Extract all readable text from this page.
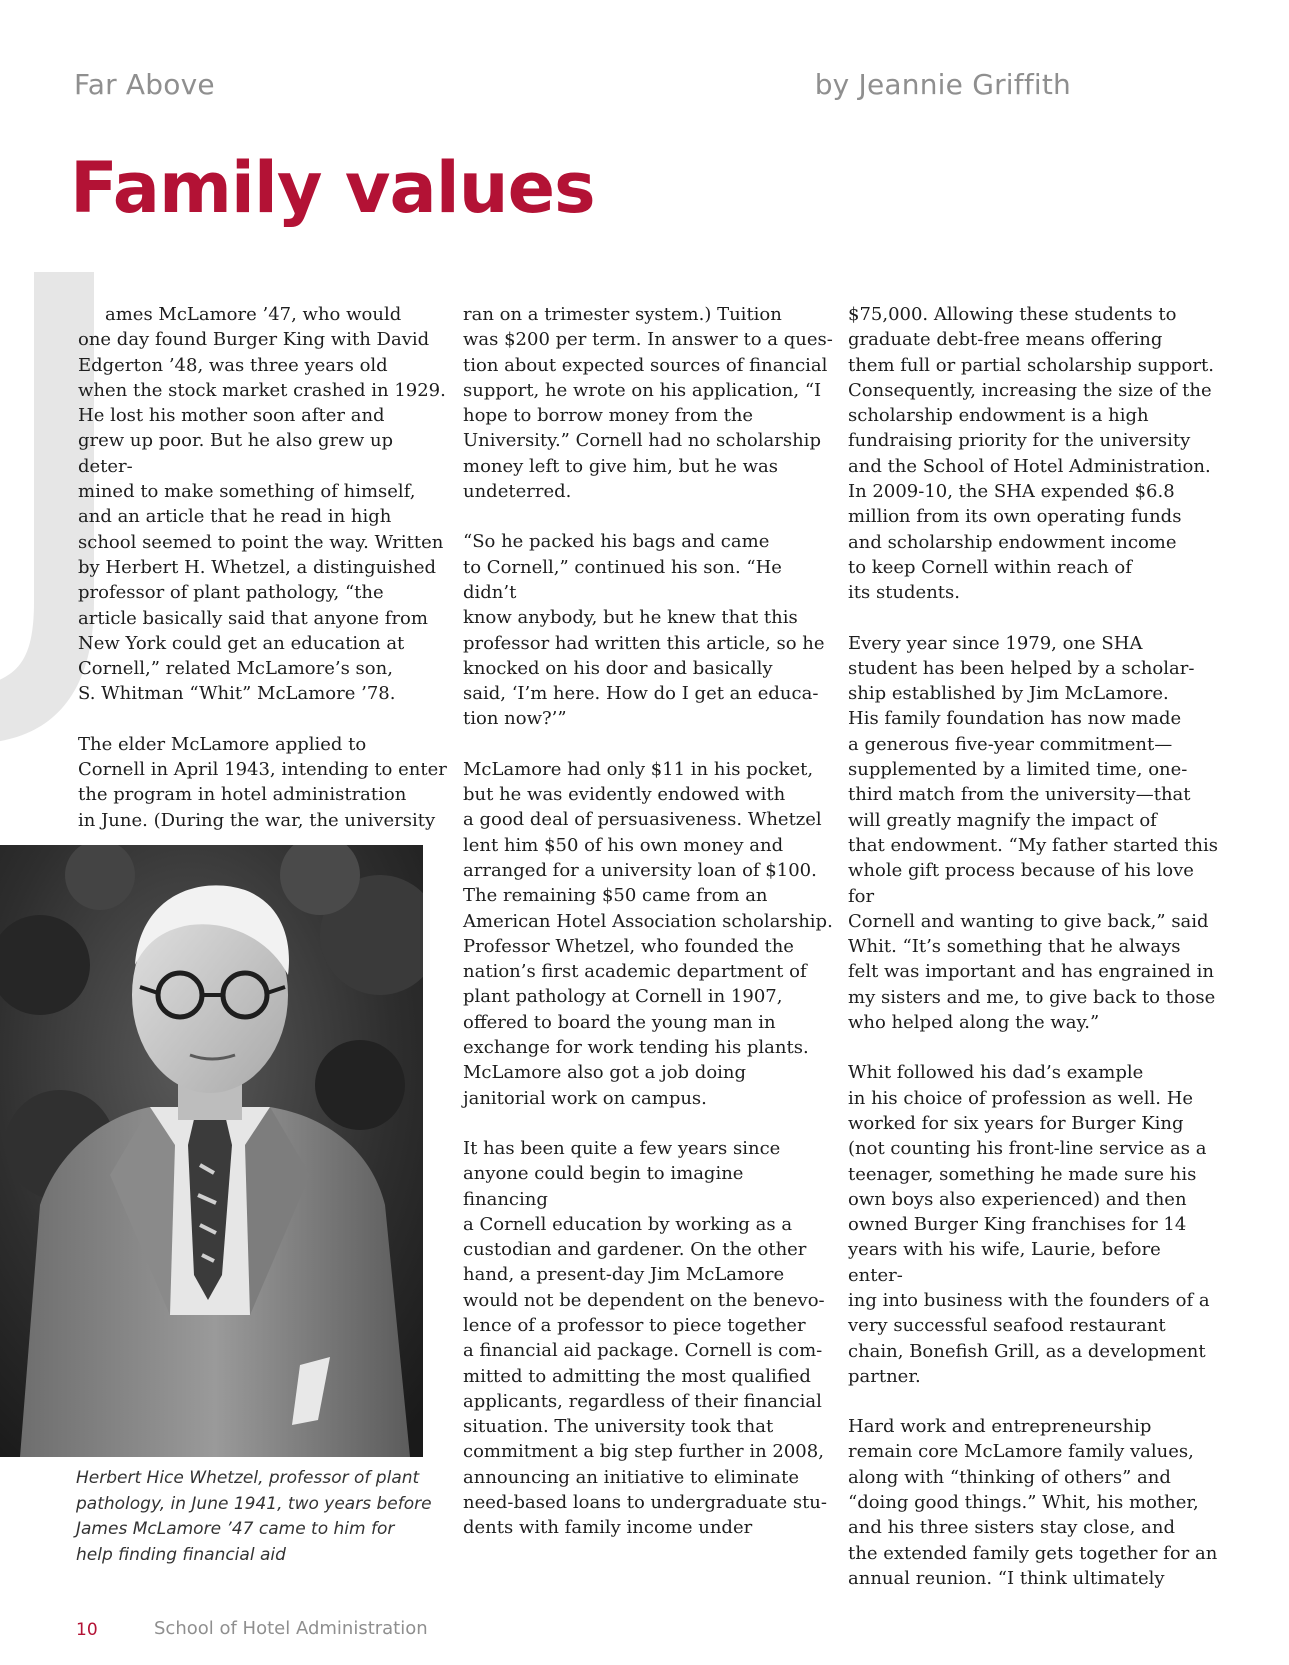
Far Above	by Jeannie Griffith
Family values

ames McLamore ’47, who would
one day found Burger King with David
Edgerton ’48, was three years old
when the stock market crashed in 1929.
He lost his mother soon after and
grew up poor. But he also grew up deter-
mined to make something of himself,
and an article that he read in high
school seemed to point the way. Written
by Herbert H. Whetzel, a distinguished
professor of plant pathology, “the
article basically said that anyone from
New York could get an education at
Cornell,” related McLamore’s son,
S. Whitman “Whit” McLamore ’78.

The elder McLamore applied to
Cornell in April 1943, intending to enter
the program in hotel administration
in June. (During the war, the university

ran on a trimester system.) Tuition
was $200 per term. In answer to a ques-
tion about expected sources of financial
support, he wrote on his application, “I
hope to borrow money from the
University.” Cornell had no scholarship
money left to give him, but he was
undeterred.

“So he packed his bags and came
to Cornell,” continued his son. “He didn’t
know anybody, but he knew that this
professor had written this article, so he
knocked on his door and basically
said, ‘I’m here. How do I get an educa-
tion now?’”

McLamore had only $11 in his pocket,
but he was evidently endowed with
a good deal of persuasiveness. Whetzel
lent him $50 of his own money and
arranged for a university loan of $100.
The remaining $50 came from an
American Hotel Association scholarship.
Professor Whetzel, who founded the
nation’s first academic department of
plant pathology at Cornell in 1907,
offered to board the young man in
exchange for work tending his plants.
McLamore also got a job doing
janitorial work on campus.

It has been quite a few years since
anyone could begin to imagine financing
a Cornell education by working as a
custodian and gardener. On the other
hand, a present-day Jim McLamore
would not be dependent on the benevo-
lence of a professor to piece together
a financial aid package. Cornell is com-
mitted to admitting the most qualified
applicants, regardless of their financial
situation. The university took that
commitment a big step further in 2008,
announcing an initiative to eliminate
need-based loans to undergraduate stu-
dents with family income under

$75,000. Allowing these students to
graduate debt-free means offering
them full or partial scholarship support.
Consequently, increasing the size of the
scholarship endowment is a high
fundraising priority for the university
and the School of Hotel Administration.
In 2009-10, the SHA expended $6.8
million from its own operating funds
and scholarship endowment income
to keep Cornell within reach of
its students.

Every year since 1979, one SHA
student has been helped by a scholar-
ship established by Jim McLamore.
His family foundation has now made
a generous five-year commitment—
supplemented by a limited time, one-
third match from the university—that
will greatly magnify the impact of
that endowment. “My father started this
whole gift process because of his love for
Cornell and wanting to give back,” said
Whit. “It’s something that he always
felt was important and has engrained in
my sisters and me, to give back to those
who helped along the way.”

Whit followed his dad’s example
in his choice of profession as well. He
worked for six years for Burger King
(not counting his front-line service as a
teenager, something he made sure his
own boys also experienced) and then
owned Burger King franchises for 14
years with his wife, Laurie, before enter-
ing into business with the founders of a
very successful seafood restaurant
chain, Bonefish Grill, as a development
partner.

Hard work and entrepreneurship
remain core McLamore family values,
along with “thinking of others” and
“doing good things.” Whit, his mother,
and his three sisters stay close, and
the extended family gets together for an
annual reunion. “I think ultimately

Herbert Hice Whetzel, professor of plant pathology, in June 1941, two years before James McLamore ’47 came to him for help finding financial aid

10	School of Hotel Administration
